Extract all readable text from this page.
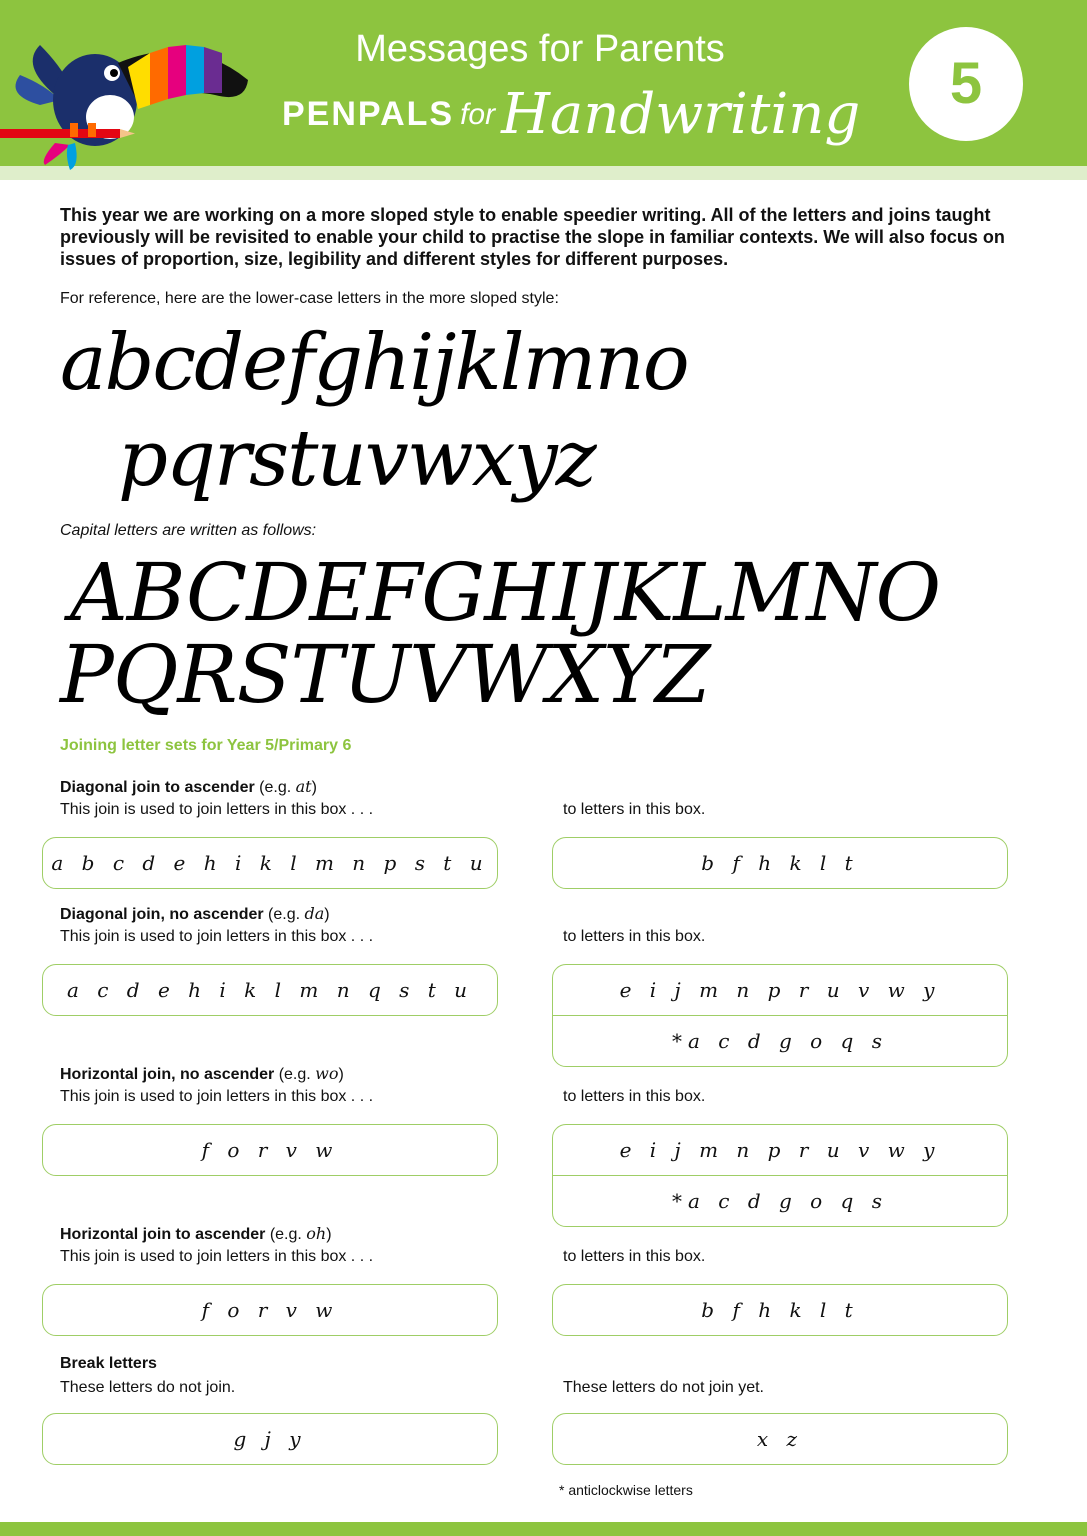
Messages for Parents
PENPALS for Handwriting	5

This year we are working on a more sloped style to enable speedier writing. All of the letters and joins taught previously will be revisited to enable your child to practise the slope in familiar contexts. We will also focus on issues of proportion, size, legibility and different styles for different purposes.

For reference, here are the lower-case letters in the more sloped style:

abcdefghijklmno
pqrstuvwxyz

Capital letters are written as follows:

ABCDEFGHIJKLMNO
PQRSTUVWXYZ

Joining letter sets for Year 5/Primary 6

Diagonal join to ascender (e.g. at)

This join is used to join letters in this box . . .	to letters in this box.

a b c d e h i k l m n p s t u	b f h k l t

Diagonal join, no ascender (e.g. da)

This join is used to join letters in this box . . .	to letters in this box.

a c d e h i k l m n q s t u	e i j m n p r u v w y
*a c d g o q s

Horizontal join, no ascender (e.g. wo)

This join is used to join letters in this box . . .	to letters in this box.

f o r v w	e i j m n p r u v w y
*a c d g o q s

Horizontal join to ascender (e.g. oh)

This join is used to join letters in this box . . .	to letters in this box.

f o r v w	b f h k l t

Break letters

These letters do not join.	These letters do not join yet.

g j y	x z

* anticlockwise letters
